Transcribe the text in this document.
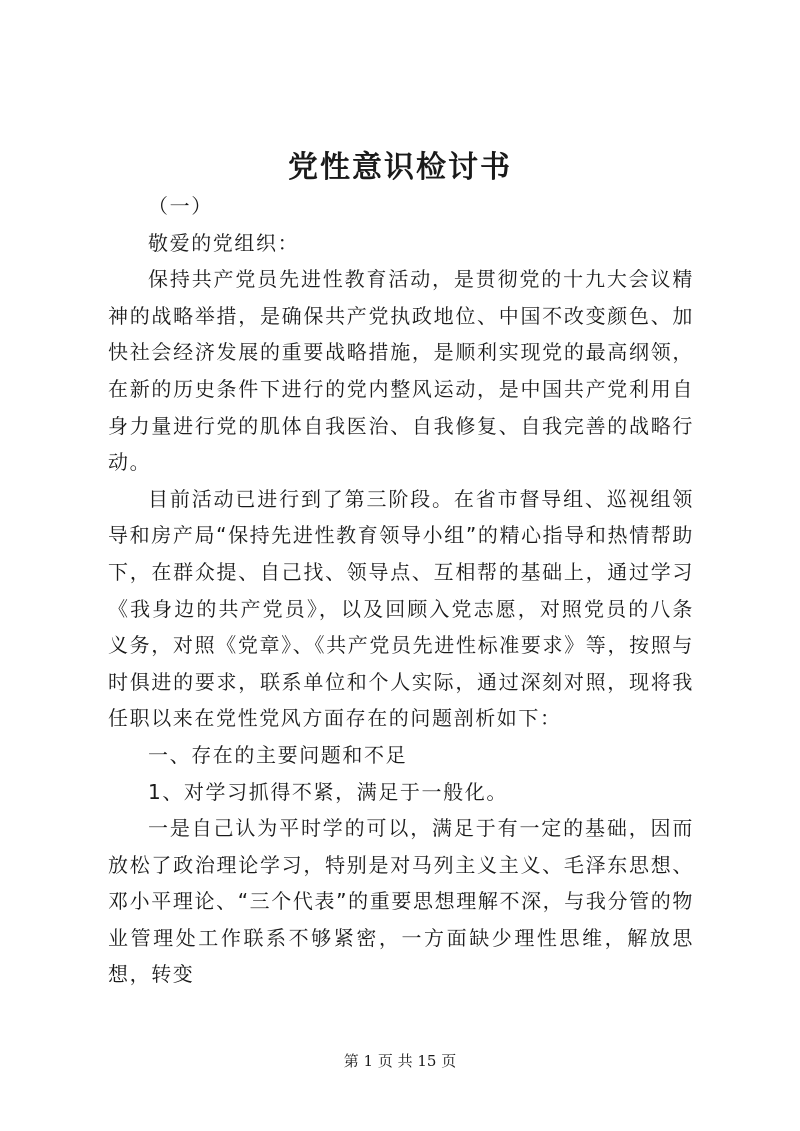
党性意识检讨书

（一）

敬爱的党组织：

保持共产党员先进性教育活动，是贯彻党的十九大会议精神的战略举措，是确保共产党执政地位、中国不改变颜色、加快社会经济发展的重要战略措施，是顺利实现党的最高纲领，在新的历史条件下进行的党内整风运动，是中国共产党利用自身力量进行党的肌体自我医治、自我修复、自我完善的战略行动。

目前活动已进行到了第三阶段。在省市督导组、巡视组领导和房产局“保持先进性教育领导小组”的精心指导和热情帮助下，在群众提、自己找、领导点、互相帮的基础上，通过学习《我身边的共产党员》，以及回顾入党志愿，对照党员的八条义务，对照《党章》、《共产党员先进性标准要求》等，按照与时俱进的要求，联系单位和个人实际，通过深刻对照，现将我任职以来在党性党风方面存在的问题剖析如下：

一、存在的主要问题和不足

1、对学习抓得不紧，满足于一般化。

一是自己认为平时学的可以，满足于有一定的基础，因而放松了政治理论学习，特别是对马列主义主义、毛泽东思想、邓小平理论、“三个代表”的重要思想理解不深，与我分管的物业管理处工作联系不够紧密，一方面缺少理性思维，解放思想，转变

第 1 页 共 15 页
